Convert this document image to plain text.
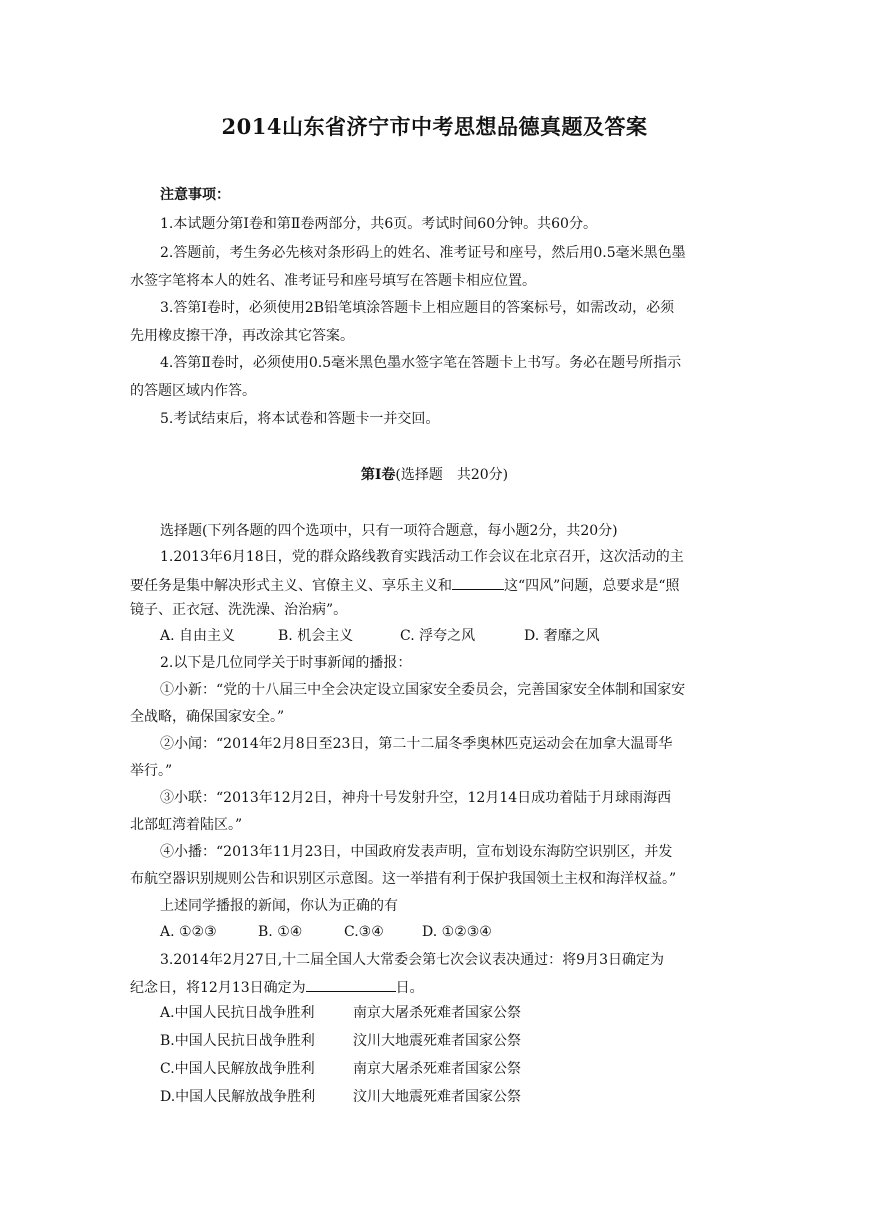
2014山东省济宁市中考思想品德真题及答案
注意事项：
1.本试题分第Ⅰ卷和第Ⅱ卷两部分，共6页。考试时间60分钟。共60分。
2.答题前，考生务必先核对条形码上的姓名、准考证号和座号，然后用0.5毫米黑色墨
水签字笔将本人的姓名、准考证号和座号填写在答题卡相应位置。
3.答第Ⅰ卷时，必须使用2B铅笔填涂答题卡上相应题目的答案标号，如需改动，必须
先用橡皮擦干净，再改涂其它答案。
4.答第Ⅱ卷时，必须使用0.5毫米黑色墨水签字笔在答题卡上书写。务必在题号所指示
的答题区域内作答。
5.考试结束后，将本试卷和答题卡一并交回。
第Ⅰ卷(选择题　共20分)
选择题(下列各题的四个选项中，只有一项符合题意，每小题2分，共20分)
1.2013年6月18日，党的群众路线教育实践活动工作会议在北京召开，这次活动的主
要任务是集中解决形式主义、官僚主义、享乐主义和	这“四风”问题，总要求是“照
镜子、正衣冠、洗洗澡、治治病”。
A. 自由主义	B. 机会主义	C. 浮夸之风	D. 奢靡之风
2.以下是几位同学关于时事新闻的播报：
①小新：“党的十八届三中全会决定设立国家安全委员会，完善国家安全体制和国家安
全战略，确保国家安全。”
②小闻：“2014年2月8日至23日，第二十二届冬季奥林匹克运动会在加拿大温哥华
举行。”
③小联：“2013年12月2日，神舟十号发射升空，12月14日成功着陆于月球雨海西
北部虹湾着陆区。”
④小播：“2013年11月23日，中国政府发表声明，宣布划设东海防空识别区，并发
布航空器识别规则公告和识别区示意图。这一举措有利于保护我国领土主权和海洋权益。”
上述同学播报的新闻，你认为正确的有
A. ①②③	B. ①④	C.③④	D. ①②③④
3.2014年2月27日,十二届全国人大常委会第七次会议表决通过：将9月3日确定为
纪念日，将12月13日确定为	日。
A.中国人民抗日战争胜利	南京大屠杀死难者国家公祭
B.中国人民抗日战争胜利	汶川大地震死难者国家公祭
C.中国人民解放战争胜利	南京大屠杀死难者国家公祭
D.中国人民解放战争胜利	汶川大地震死难者国家公祭
